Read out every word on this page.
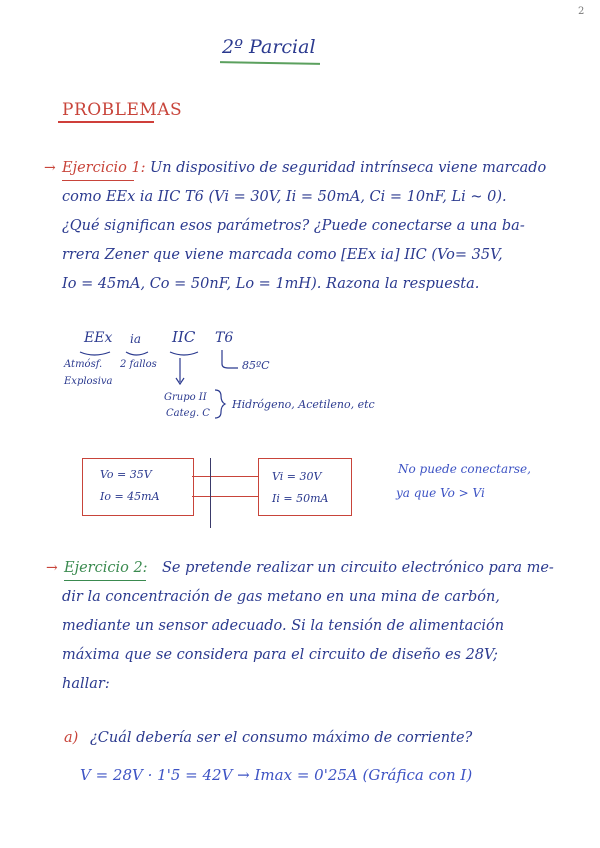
2
2º Parcial
PROBLEMAS
→ Ejercicio 1: Un dispositivo de seguridad intrínseca viene marcado
como EEx ia IIC T6 (Vi = 30V, Ii = 50mA, Ci = 10nF, Li ~ 0).
¿Qué significan esos parámetros? ¿Puede conectarse a una ba-
rrera Zener que viene marcada como [EEx ia] IIC (Vo= 35V,
Io = 45mA, Co = 50nF, Lo = 1mH). Razona la respuesta.
EEx ia IIC T6
Atmósf.
Explosiva
2 fallos	85ºC
Grupo II
Categ. C
Hidrógeno, Acetileno, etc
Vo = 35V
Io = 45mA
Vi = 30V
Ii = 50mA
No puede conectarse,
ya que Vo > Vi
→ Ejercicio 2: Se pretende realizar un circuito electrónico para me-
dir la concentración de gas metano en una mina de carbón,
mediante un sensor adecuado. Si la tensión de alimentación
máxima que se considera para el circuito de diseño es 28V;
hallar:
a) ¿Cuál debería ser el consumo máximo de corriente?
V = 28V · 1'5 = 42V → Imax = 0'25A (Gráfica con I)
